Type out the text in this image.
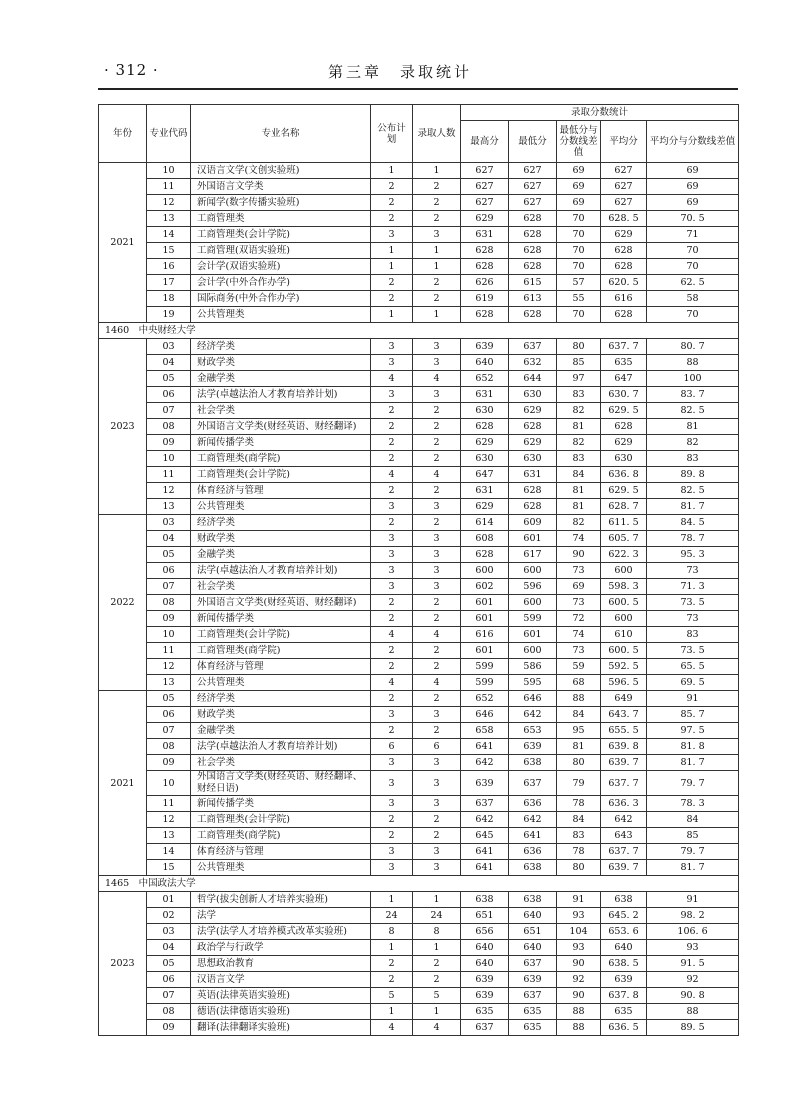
· 312 ·	第三章　录取统计
年份	专业代码	专业名称	公布计划	录取人数	录取分数统计				
					最高分	最低分	最低分与分数线差值	平均分	平均分与分数线差值
2021	10	汉语言文学(文创实验班)	1	1	627	627	69	627	69
	11	外国语言文学类	2	2	627	627	69	627	69
	12	新闻学(数字传播实验班)	2	2	627	627	69	627	69
	13	工商管理类	2	2	629	628	70	628. 5	70. 5
	14	工商管理类(会计学院)	3	3	631	628	70	629	71
	15	工商管理(双语实验班)	1	1	628	628	70	628	70
	16	会计学(双语实验班)	1	1	628	628	70	628	70
	17	会计学(中外合作办学)	2	2	626	615	57	620. 5	62. 5
	18	国际商务(中外合作办学)	2	2	619	613	55	616	58
	19	公共管理类	1	1	628	628	70	628	70
1460　中央财经大学									
2023	03	经济学类	3	3	639	637	80	637. 7	80. 7
	04	财政学类	3	3	640	632	85	635	88
	05	金融学类	4	4	652	644	97	647	100
	06	法学(卓越法治人才教育培养计划)	3	3	631	630	83	630. 7	83. 7
	07	社会学类	2	2	630	629	82	629. 5	82. 5
	08	外国语言文学类(财经英语、财经翻译)	2	2	628	628	81	628	81
	09	新闻传播学类	2	2	629	629	82	629	82
	10	工商管理类(商学院)	2	2	630	630	83	630	83
	11	工商管理类(会计学院)	4	4	647	631	84	636. 8	89. 8
	12	体育经济与管理	2	2	631	628	81	629. 5	82. 5
	13	公共管理类	3	3	629	628	81	628. 7	81. 7
2022	03	经济学类	2	2	614	609	82	611. 5	84. 5
	04	财政学类	3	3	608	601	74	605. 7	78. 7
	05	金融学类	3	3	628	617	90	622. 3	95. 3
	06	法学(卓越法治人才教育培养计划)	3	3	600	600	73	600	73
	07	社会学类	3	3	602	596	69	598. 3	71. 3
	08	外国语言文学类(财经英语、财经翻译)	2	2	601	600	73	600. 5	73. 5
	09	新闻传播学类	2	2	601	599	72	600	73
	10	工商管理类(会计学院)	4	4	616	601	74	610	83
	11	工商管理类(商学院)	2	2	601	600	73	600. 5	73. 5
	12	体育经济与管理	2	2	599	586	59	592. 5	65. 5
	13	公共管理类	4	4	599	595	68	596. 5	69. 5
2021	05	经济学类	2	2	652	646	88	649	91
	06	财政学类	3	3	646	642	84	643. 7	85. 7
	07	金融学类	2	2	658	653	95	655. 5	97. 5
	08	法学(卓越法治人才教育培养计划)	6	6	641	639	81	639. 8	81. 8
	09	社会学类	3	3	642	638	80	639. 7	81. 7
	10	外国语言文学类(财经英语、财经翻译、财经日语)	3	3	639	637	79	637. 7	79. 7
	11	新闻传播学类	3	3	637	636	78	636. 3	78. 3
	12	工商管理类(会计学院)	2	2	642	642	84	642	84
	13	工商管理类(商学院)	2	2	645	641	83	643	85
	14	体育经济与管理	3	3	641	636	78	637. 7	79. 7
	15	公共管理类	3	3	641	638	80	639. 7	81. 7
1465　中国政法大学									
2023	01	哲学(拔尖创新人才培养实验班)	1	1	638	638	91	638	91
	02	法学	24	24	651	640	93	645. 2	98. 2
	03	法学(法学人才培养模式改革实验班)	8	8	656	651	104	653. 6	106. 6
	04	政治学与行政学	1	1	640	640	93	640	93
	05	思想政治教育	2	2	640	637	90	638. 5	91. 5
	06	汉语言文学	2	2	639	639	92	639	92
	07	英语(法律英语实验班)	5	5	639	637	90	637. 8	90. 8
	08	德语(法律德语实验班)	1	1	635	635	88	635	88
	09	翻译(法律翻译实验班)	4	4	637	635	88	636. 5	89. 5
